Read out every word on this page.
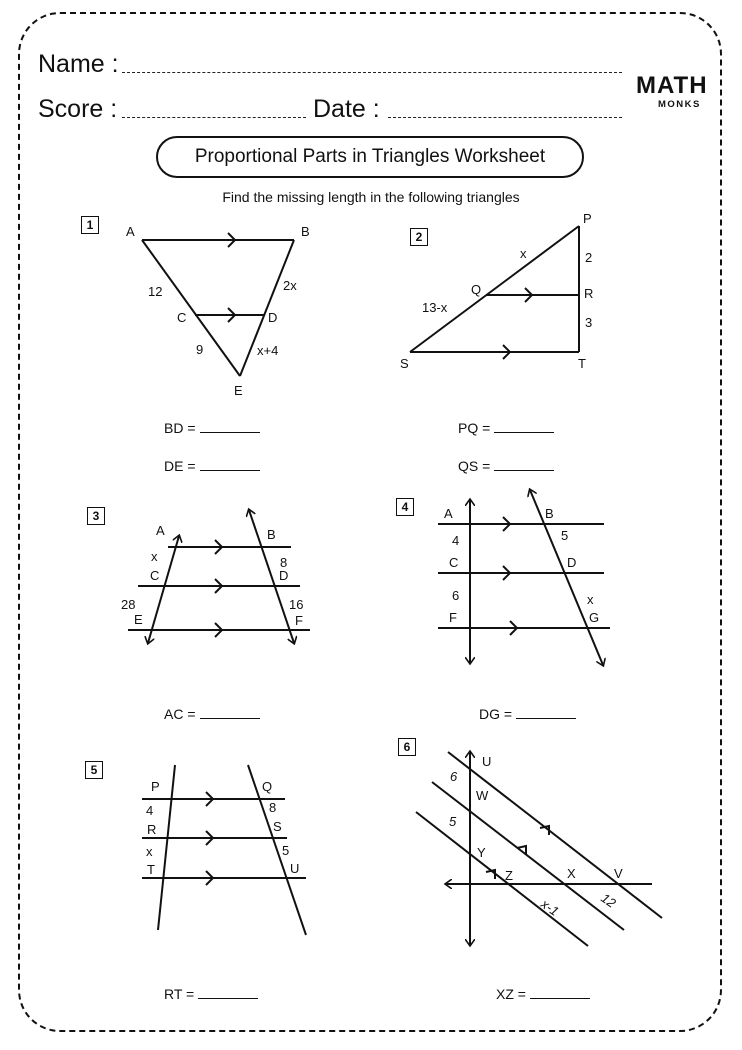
Name :
Score :	Date :
MATH
MONKS
Proportional Parts in Triangles Worksheet
Find the missing length in the following triangles
1
2
3
4
5
6
A	B
C	D
E
12	2x
9	x+4
P
Q	R
S	T
x	2
13-x
3
A	B
C	D
E	F
x	8
28	16
A	B
C	D
F	G
4	5
6	x
P	Q
R	S
T	U
4	8
x	5
U
W
Y
Z	X	V
6
5
x-1	12
BD =
DE =
PQ =
QS =
AC =	DG =
RT =	XZ =
